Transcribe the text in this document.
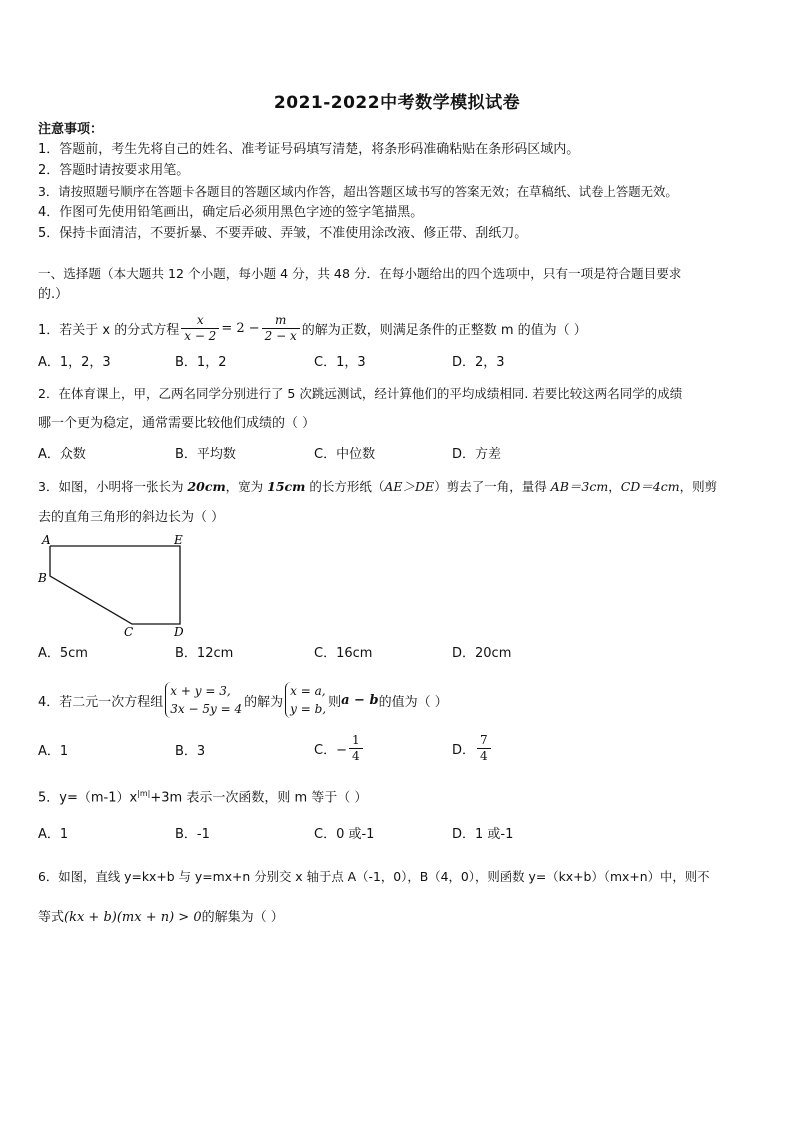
2021-2022中考数学模拟试卷
注意事项：
1．答题前，考生先将自己的姓名、准考证号码填写清楚，将条形码准确粘贴在条形码区域内。
2．答题时请按要求用笔。
3．请按照题号顺序在答题卡各题目的答题区域内作答，超出答题区域书写的答案无效；在草稿纸、试卷上答题无效。
4．作图可先使用铅笔画出，确定后必须用黑色字迹的签字笔描黑。
5．保持卡面清洁，不要折暴、不要弄破、弄皱，不准使用涂改液、修正带、刮纸刀。
一、选择题（本大题共 12 个小题，每小题 4 分，共 48 分．在每小题给出的四个选项中，只有一项是符合题目要求
的.）
1．若关于 x 的分式方程 $\frac{x}{x - 2} = 2 - \frac{m}{2 - x}$ 的解为正数，则满足条件的正整数 m 的值为（ ）
A．1，2，3	B．1，2	C．1，3	D．2，3
2．在体育课上，甲，乙两名同学分别进行了 5 次跳远测试，经计算他们的平均成绩相同. 若要比较这两名同学的成绩
哪一个更为稳定，通常需要比较他们成绩的（ ）
A．众数	B．平均数	C．中位数	D．方差
3．如图，小明将一张长为 20cm，宽为 15cm 的长方形纸（AE＞DE）剪去了一角，量得 AB＝3cm，CD＝4cm，则剪
去的直角三角形的斜边长为（ ）
A	E
B
C	D
A．5cm	B．12cm	C．16cm	D．20cm
4．若二元一次方程组
x + y = 3,
3x − 5y = 4 的解为
x = a,
y = b, 则 a − b 的值为（ ）
A．1	B．3	C．− $\frac{1}{4}$	D． $\frac{7}{4}$
5．$y=(m-1)x^{|m|}+3m$ 表示一次函数，则 m 等于（ ）
A．1	B．-1	C．0 或-1	D．1 或-1
6．如图，直线 y=kx+b 与 y=mx+n 分别交 x 轴于点 A（-1，0），B（4，0），则函数 y=（kx+b）（mx+n）中，则不
等式(kx + b)(mx + n) > 0的解集为（ ）
